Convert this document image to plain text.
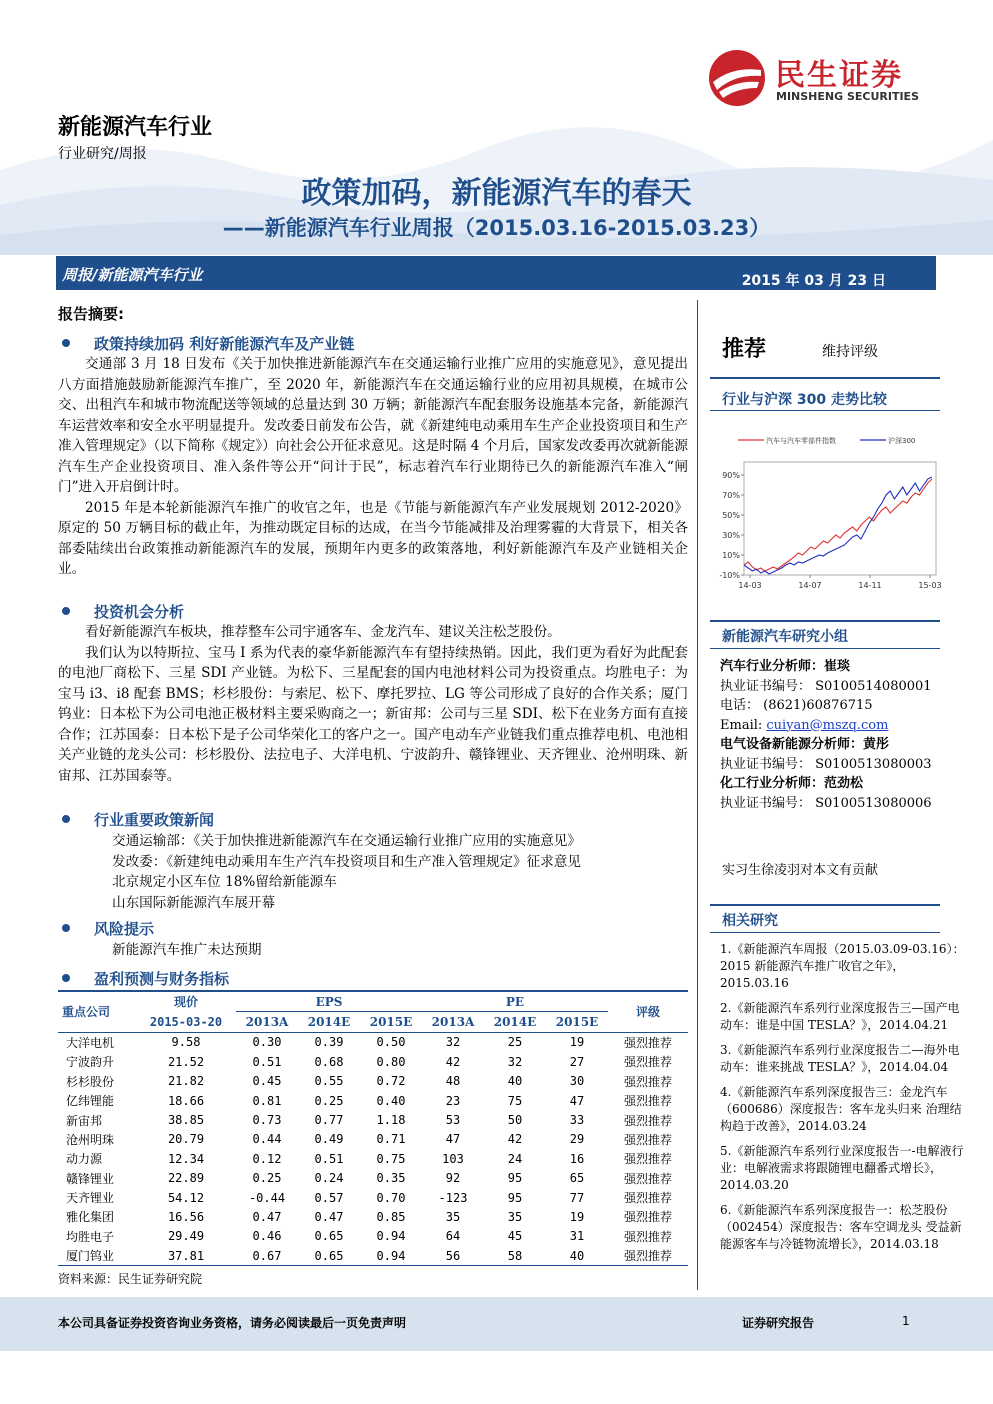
民生证券
MINSHENG SECURITIES
新能源汽车行业
行业研究/周报
政策加码，新能源汽车的春天
——新能源汽车行业周报（2015.03.16-2015.03.23）
周报/新能源汽车行业	2015 年 03 月 23 日
报告摘要:
政策持续加码 利好新能源汽车及产业链

交通部 3 月 18 日发布《关于加快推进新能源汽车在交通运输行业推广应用的实施意见》，意见提出八方面措施鼓励新能源汽车推广，至 2020 年，新能源汽车在交通运输行业的应用初具规模，在城市公交、出租汽车和城市物流配送等领域的总量达到 30 万辆；新能源汽车配套服务设施基本完备，新能源汽车运营效率和安全水平明显提升。发改委日前发布公告，就《新建纯电动乘用车生产企业投资项目和生产准入管理规定》（以下简称《规定》）向社会公开征求意见。这是时隔 4 个月后，国家发改委再次就新能源汽车生产企业投资项目、准入条件等公开“问计于民”，标志着汽车行业期待已久的新能源汽车准入“闸门”进入开启倒计时。

2015 年是本轮新能源汽车推广的收官之年，也是《节能与新能源汽车产业发展规划 2012-2020》原定的 50 万辆目标的截止年，为推动既定目标的达成，在当今节能减排及治理雾霾的大背景下，相关各部委陆续出台政策推动新能源汽车的发展，预期年内更多的政策落地，利好新能源汽车及产业链相关企业。

投资机会分析

看好新能源汽车板块，推荐整车公司宇通客车、金龙汽车、建议关注松芝股份。

我们认为以特斯拉、宝马 I 系为代表的豪华新能源汽车有望持续热销。因此，我们更为看好为此配套的电池厂商松下、三星 SDI 产业链。为松下、三星配套的国内电池材料公司为投资重点。均胜电子：为宝马 i3、i8 配套 BMS；杉杉股份：与索尼、松下、摩托罗拉、LG 等公司形成了良好的合作关系；厦门钨业：日本松下为公司电池正极材料主要采购商之一；新宙邦：公司与三星 SDI、松下在业务方面有直接合作；江苏国泰：日本松下是子公司华荣化工的客户之一。国产电动车产业链我们重点推荐电机、电池相关产业链的龙头公司：杉杉股份、法拉电子、大洋电机、宁波韵升、赣锋锂业、天齐锂业、沧州明珠、新宙邦、江苏国泰等。

行业重要政策新闻

交通运输部：《关于加快推进新能源汽车在交通运输行业推广应用的实施意见》

发改委：《新建纯电动乘用车生产汽车投资项目和生产准入管理规定》征求意见

北京规定小区车位 18%留给新能源车

山东国际新能源汽车展开幕

风险提示

新能源汽车推广未达预期

盈利预测与财务指标
重点公司	现价	EPS			PE			评级
	2015-03-20	2013A	2014E	2015E	2013A	2014E	2015E	
大洋电机	9.58	0.30	0.39	0.50	32	25	19	强烈推荐
宁波韵升	21.52	0.51	0.68	0.80	42	32	27	强烈推荐
杉杉股份	21.82	0.45	0.55	0.72	48	40	30	强烈推荐
亿纬锂能	18.66	0.81	0.25	0.40	23	75	47	强烈推荐
新宙邦	38.85	0.73	0.77	1.18	53	50	33	强烈推荐
沧州明珠	20.79	0.44	0.49	0.71	47	42	29	强烈推荐
动力源	12.34	0.12	0.51	0.75	103	24	16	强烈推荐
赣锋锂业	22.89	0.25	0.24	0.35	92	95	65	强烈推荐
天齐锂业	54.12	-0.44	0.57	0.70	-123	95	77	强烈推荐
雅化集团	16.56	0.47	0.47	0.85	35	35	19	强烈推荐
均胜电子	29.49	0.46	0.65	0.94	64	45	31	强烈推荐
厦门钨业	37.81	0.67	0.65	0.94	56	58	40	强烈推荐
资料来源：民生证券研究院
推荐	维持评级
行业与沪深 300 走势比较
-10%
10%
30%
50%
70%
90%
14-03	14-07	14-11	15-03
汽车与汽车零部件指数	沪深300
新能源汽车研究小组
汽车行业分析师：崔琰
执业证书编号： S0100514080001
电话： (8621)60876715
Email: cuiyan@mszq.com
电气设备新能源分析师：黄彤
执业证书编号： S0100513080003
化工行业分析师：范劲松
执业证书编号： S0100513080006
实习生徐凌羽对本文有贡献
相关研究
1.《新能源汽车周报（2015.03.09-03.16）：2015 新能源汽车推广收官之年》，2015.03.16
2.《新能源汽车系列行业深度报告三—国产电动车：谁是中国 TESLA？》，2014.04.21
3.《新能源汽车系列行业深度报告二—海外电动车：谁来挑战 TESLA？》，2014.04.04
4.《新能源汽车系列深度报告三：金龙汽车（600686）深度报告：客车龙头归来 治理结构趋于改善》，2014.03.24
5.《新能源汽车系列行业深度报告一-电解液行业：电解液需求将跟随锂电翻番式增长》，2014.03.20
6.《新能源汽车系列深度报告一：松芝股份（002454）深度报告：客车空调龙头 受益新能源客车与冷链物流增长》，2014.03.18
本公司具备证券投资咨询业务资格，请务必阅读最后一页免责声明	证券研究报告	1
